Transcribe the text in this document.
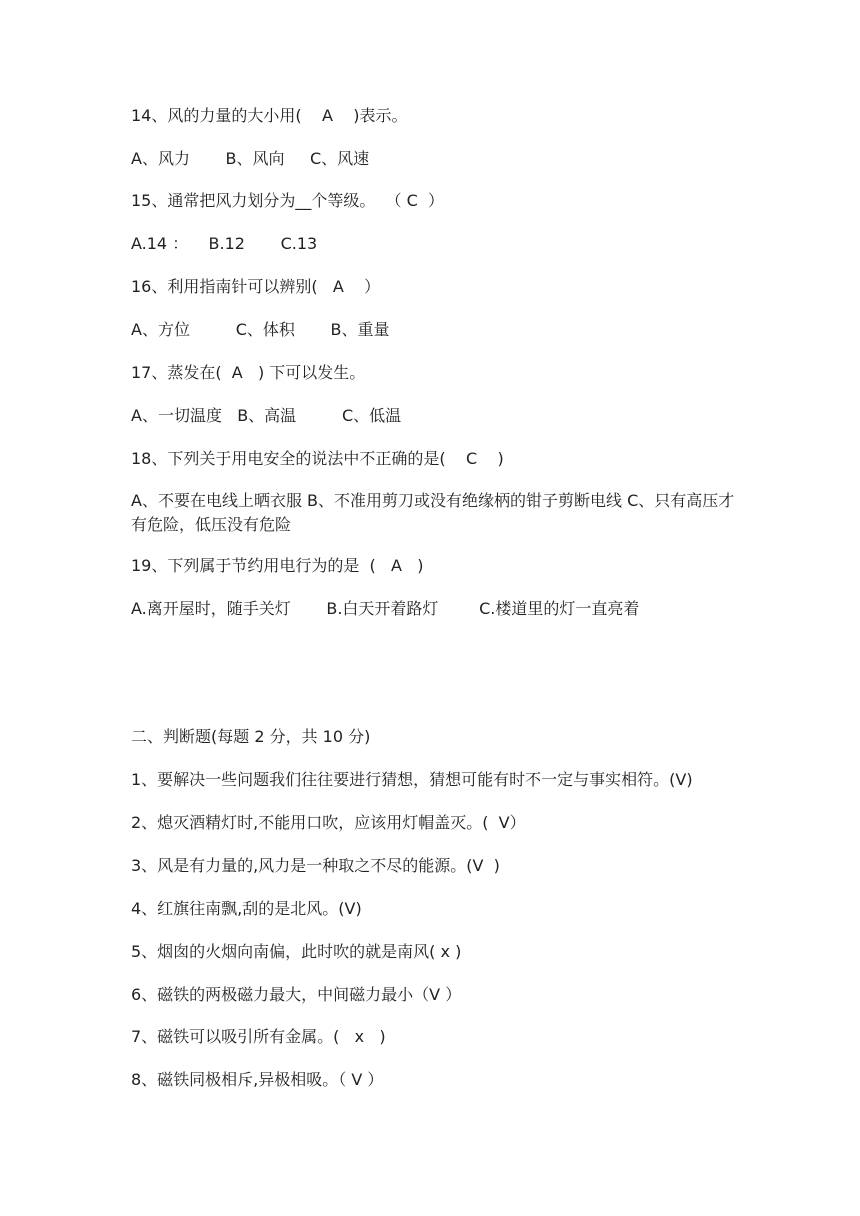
14、风的力量的大小用(    A    )表示。
A、风力       B、风向     C、风速
15、通常把风力划分为__个等级。  （ C  ）
A.14 ：    B.12       C.13
16、利用指南针可以辨别(   A    ）
A、方位         C、体积       B、重量
17、蒸发在(  A   ) 下可以发生。
A、一切温度   B、高温         C、低温
18、下列关于用电安全的说法中不正确的是(    C    )
A、不要在电线上晒衣服 B、不准用剪刀或没有绝缘柄的钳子剪断电线 C、只有高压才有危险，低压没有危险
19、下列属于节约用电行为的是  (   A   )
A.离开屋时，随手关灯       B.白天开着路灯        C.楼道里的灯一直亮着
二、判断题(每题 2 分，共 10 分)
1、要解决一些问题我们往往要进行猜想，猜想可能有时不一定与事实相符。(V)
2、熄灭酒精灯时,不能用口吹，应该用灯帽盖灭。(  V）
3、风是有力量的,风力是一种取之不尽的能源。(V  )
4、红旗往南飘,刮的是北风。(V)
5、烟囱的火烟向南偏，此时吹的就是南风( x )
6、磁铁的两极磁力最大，中间磁力最小（V ）
7、磁铁可以吸引所有金属。(   x   )
8、磁铁同极相斥,异极相吸。（ V ）
